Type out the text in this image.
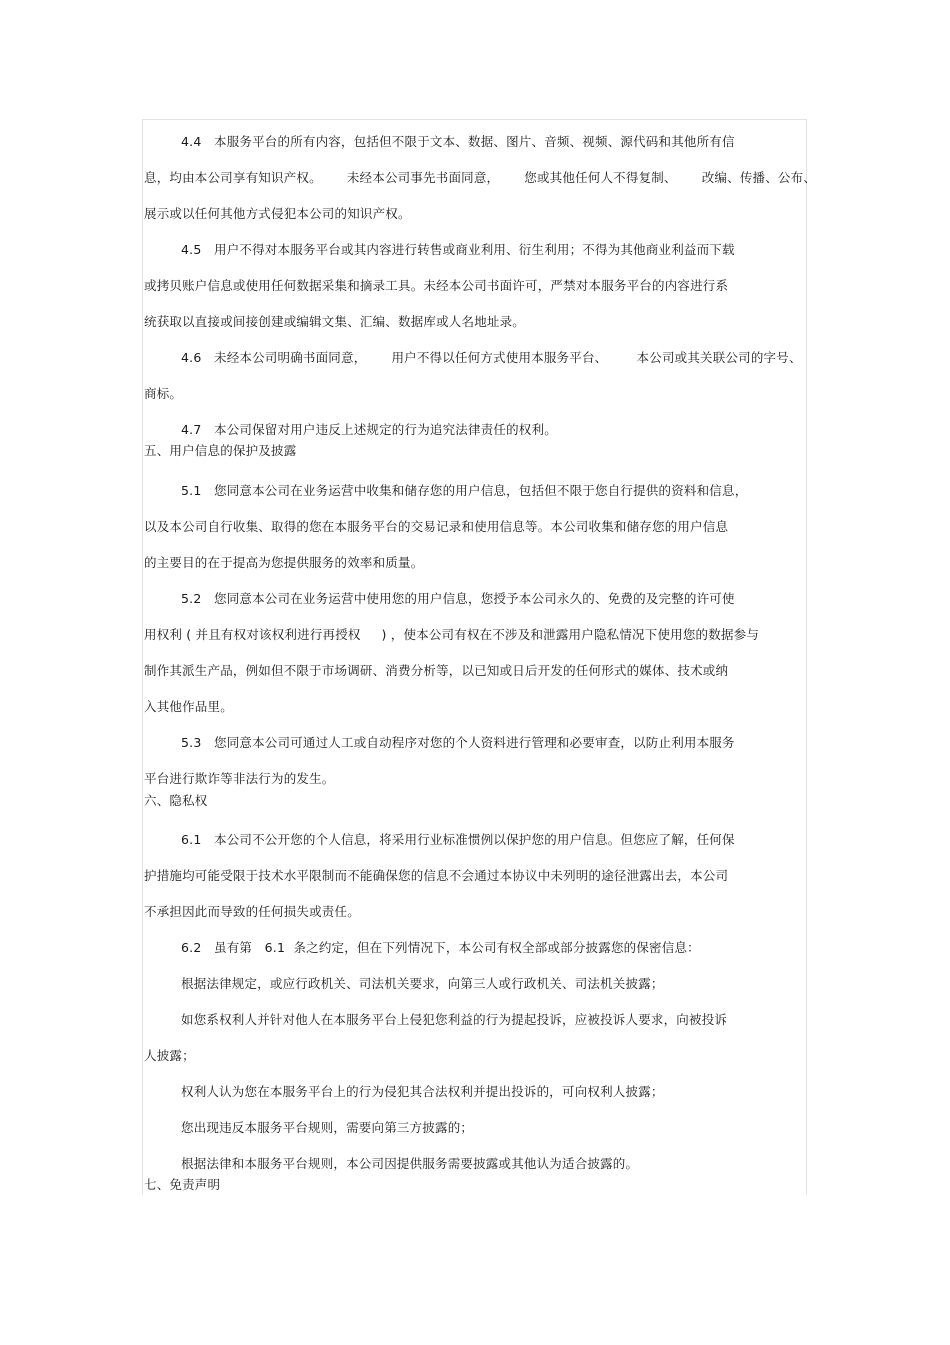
4.4   本服务平台的所有内容，包括但不限于文本、数据、图片、音频、视频、源代码和其他所有信
息，均由本公司享有知识产权。      未经本公司事先书面同意，      您或其他任何人不得复制、      改编、传播、公布、
展示或以任何其他方式侵犯本公司的知识产权。
4.5   用户不得对本服务平台或其内容进行转售或商业利用、衍生利用；不得为其他商业利益而下载
或拷贝账户信息或使用任何数据采集和摘录工具。未经本公司书面许可，严禁对本服务平台的内容进行系
统获取以直接或间接创建或编辑文集、汇编、数据库或人名地址录。
4.6   未经本公司明确书面同意，      用户不得以任何方式使用本服务平台、       本公司或其关联公司的字号、
商标。
4.7   本公司保留对用户违反上述规定的行为追究法律责任的权利。
五、用户信息的保护及披露
5.1   您同意本公司在业务运营中收集和储存您的用户信息，包括但不限于您自行提供的资料和信息，
以及本公司自行收集、取得的您在本服务平台的交易记录和使用信息等。本公司收集和储存您的用户信息
的主要目的在于提高为您提供服务的效率和质量。
5.2   您同意本公司在业务运营中使用您的用户信息，您授予本公司永久的、免费的及完整的许可使
用权利 ( 并且有权对该权利进行再授权     ) ，使本公司有权在不涉及和泄露用户隐私情况下使用您的数据参与
制作其派生产品，例如但不限于市场调研、消费分析等，以已知或日后开发的任何形式的媒体、技术或纳
入其他作品里。
5.3   您同意本公司可通过人工或自动程序对您的个人资料进行管理和必要审查，以防止利用本服务
平台进行欺诈等非法行为的发生。
六、隐私权
6.1   本公司不公开您的个人信息，将采用行业标准惯例以保护您的用户信息。但您应了解，任何保
护措施均可能受限于技术水平限制而不能确保您的信息不会通过本协议中未列明的途径泄露出去，本公司
不承担因此而导致的任何损失或责任。
6.2   虽有第   6.1  条之约定，但在下列情况下，本公司有权全部或部分披露您的保密信息：
根据法律规定，或应行政机关、司法机关要求，向第三人或行政机关、司法机关披露；
如您系权利人并针对他人在本服务平台上侵犯您利益的行为提起投诉，应被投诉人要求，向被投诉
人披露；
权利人认为您在本服务平台上的行为侵犯其合法权利并提出投诉的，可向权利人披露；
您出现违反本服务平台规则，需要向第三方披露的；
根据法律和本服务平台规则，本公司因提供服务需要披露或其他认为适合披露的。
七、免责声明
